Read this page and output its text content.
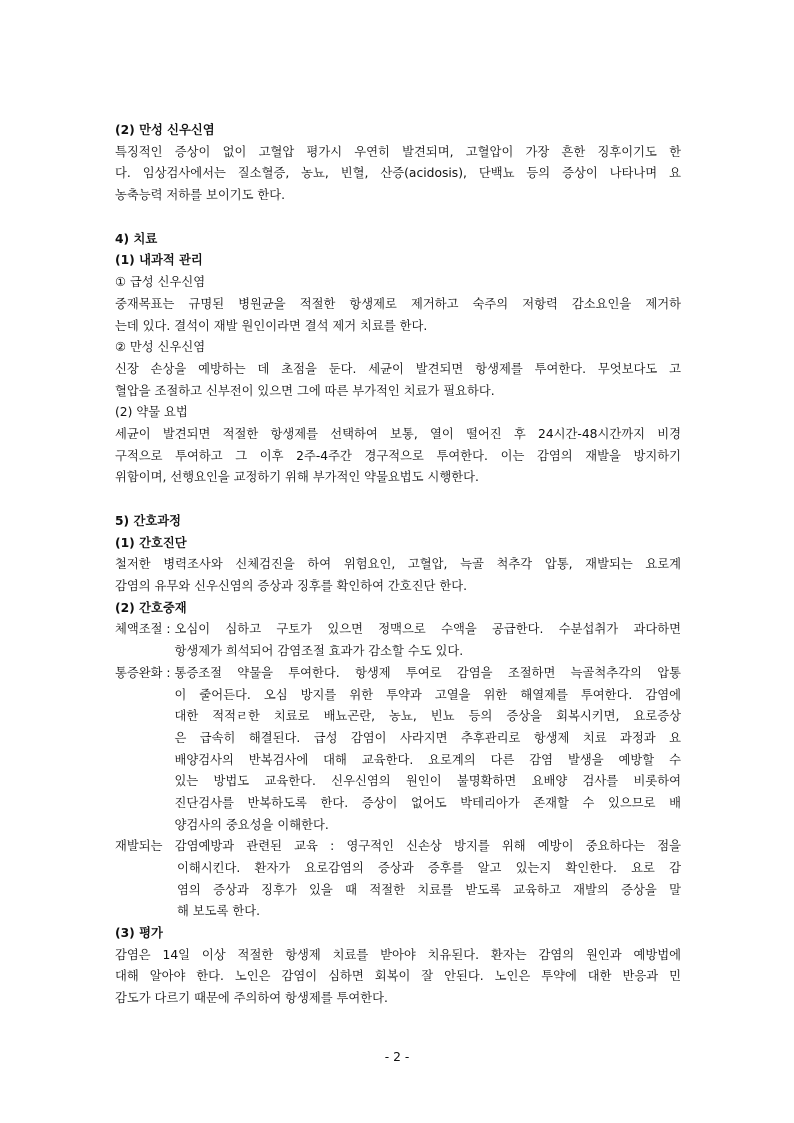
(2) 만성 신우신염
특징적인 증상이 없이 고혈압 평가시 우연히 발견되며, 고혈압이 가장 흔한 징후이기도 한
다. 임상검사에서는 질소혈증, 농뇨, 빈혈, 산증(acidosis), 단백뇨 등의 증상이 나타나며 요
농축능력 저하를 보이기도 한다.
4) 치료
(1) 내과적 관리
① 급성 신우신염
중재목표는 규명된 병원균을 적절한 항생제로 제거하고 숙주의 저항력 감소요인을 제거하
는데 있다. 결석이 재발 원인이라면 결석 제거 치료를 한다.
② 만성 신우신염
신장 손상을 예방하는 데 초점을 둔다. 세균이 발견되면 항생제를 투여한다. 무엇보다도 고
혈압을 조절하고 신부전이 있으면 그에 따른 부가적인 치료가 필요하다.
(2) 약물 요법
세균이 발견되면 적절한 항생제를 선택하여 보통, 열이 떨어진 후 24시간-48시간까지 비경
구적으로 투여하고 그 이후 2주-4주간 경구적으로 투여한다. 이는 감염의 재발을 방지하기
위함이며, 선행요인을 교정하기 위해 부가적인 약물요법도 시행한다.
5) 간호과정
(1) 간호진단
철저한 병력조사와 신체검진을 하여 위험요인, 고혈압, 늑골 척추각 압통, 재발되는 요로계
감염의 유무와 신우신염의 증상과 징후를 확인하여 간호진단 한다.
(2) 간호중재
체액조절 : 오심이 심하고 구토가 있으면 정맥으로 수액을 공급한다. 수분섭취가 과다하면
항생제가 희석되어 감염조절 효과가 감소할 수도 있다.
통증완화 : 통증조절 약물을 투여한다. 항생제 투여로 감염을 조절하면 늑골척추각의 압통
이 줄어든다. 오심 방지를 위한 투약과 고열을 위한 해열제를 투여한다. 감염에
대한 적적ㄹ한 치료로 배뇨곤란, 농뇨, 빈뇨 등의 증상을 회복시키면, 요로증상
은 급속히 해결된다. 급성 감염이 사라지면 추후관리로 항생제 치료 과정과 요
배양검사의 반복검사에 대해 교육한다. 요로계의 다른 감염 발생을 예방할 수
있는 방법도 교육한다. 신우신염의 원인이 불명확하면 요배양 검사를 비롯하여
진단검사를 반복하도록 한다. 증상이 없어도 박테리아가 존재할 수 있으므로 배
양검사의 중요성을 이해한다.
재발되는 감염예방과 관련된 교육 : 영구적인 신손상 방지를 위해 예방이 중요하다는 점을
이해시킨다. 환자가 요로감염의 증상과 증후를 알고 있는지 확인한다. 요로 감
염의 증상과 징후가 있을 때 적절한 치료를 받도록 교육하고 재발의 증상을 말
해 보도록 한다.
(3) 평가
감염은 14일 이상 적절한 항생제 치료를 받아야 치유된다. 환자는 감염의 원인과 예방법에
대해 알아야 한다. 노인은 감염이 심하면 회복이 잘 안된다. 노인은 투약에 대한 반응과 민
감도가 다르기 때문에 주의하여 항생제를 투여한다.
- 2 -
